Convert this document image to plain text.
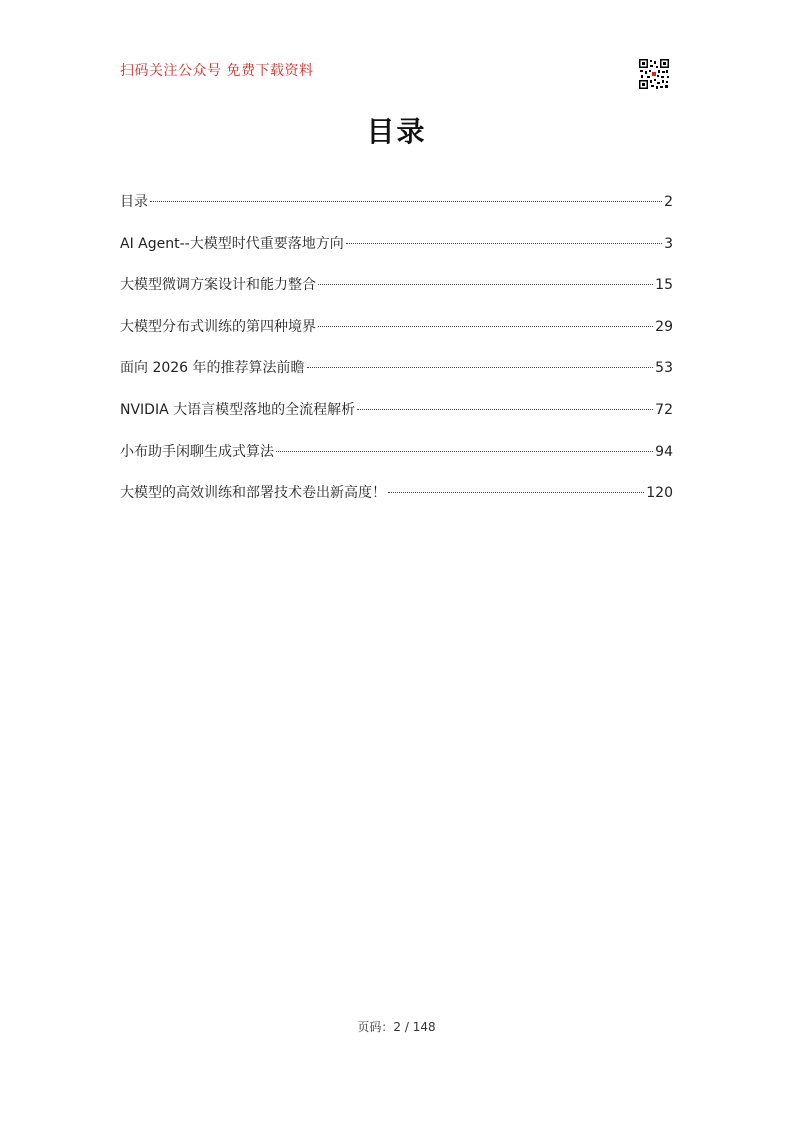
扫码关注公众号 免费下载资料
目录
目录	2
AI Agent--大模型时代重要落地方向	3
大模型微调方案设计和能力整合	15
大模型分布式训练的第四种境界	29
面向 2026 年的推荐算法前瞻	53
NVIDIA 大语言模型落地的全流程解析	72
小布助手闲聊生成式算法	94
大模型的高效训练和部署技术卷出新高度！	120
页码：2 / 148
